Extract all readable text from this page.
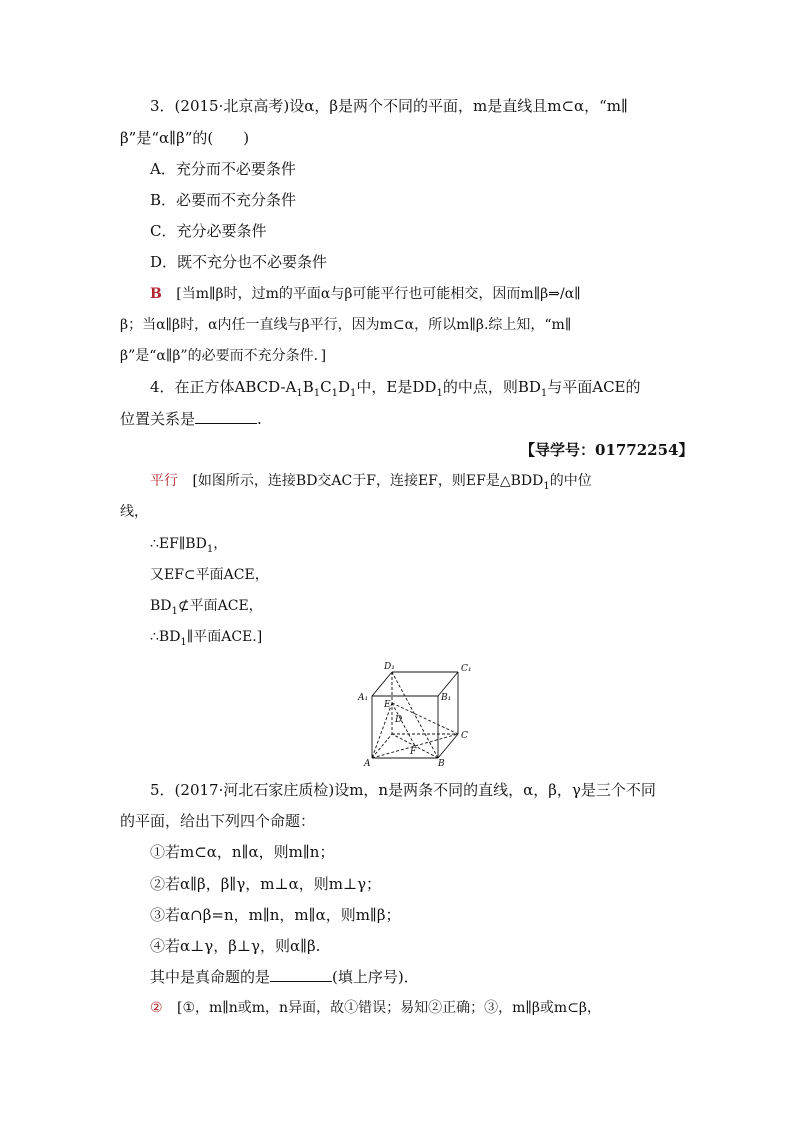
3．(2015·北京高考)设α，β是两个不同的平面，m是直线且m⊂α，“m∥
β”是“α∥β”的(　　)
A．充分而不必要条件
B．必要而不充分条件
C．充分必要条件
D．既不充分也不必要条件
B [当m∥β时，过m的平面α与β可能平行也可能相交，因而m∥β⇒/α∥
β；当α∥β时，α内任一直线与β平行，因为m⊂α，所以m∥β.综上知，“m∥
β”是“α∥β”的必要而不充分条件．]
4．在正方体ABCD-$A_1B_1C_1D_1$中，E是$DD_1$的中点，则$BD_1$与平面ACE的
位置关系是	.
【导学号：01772254】
平行 [如图所示，连接BD交AC于F，连接EF，则EF是$\triangle BDD_1$的中位
线，
$\therefore EF\parallel BD_1$，
又EF⊂平面ACE，
$BD_1⊄$平面ACE，
$\therefore BD_1\parallel$平面ACE.]
D₁	C₁
A₁	B₁
E
D
C
F
A	B
5．(2017·河北石家庄质检)设m，n是两条不同的直线，α，β，γ是三个不同
的平面，给出下列四个命题：
①若m⊂α，n∥α，则m∥n；
②若α∥β，β∥γ，m⊥α，则m⊥γ；
③若α∩β=n，m∥n，m∥α，则m∥β；
④若α⊥γ，β⊥γ，则α∥β.
其中是真命题的是	(填上序号)．
② [①，m∥n或m，n异面，故①错误；易知②正确；③，m∥β或m⊂β，
